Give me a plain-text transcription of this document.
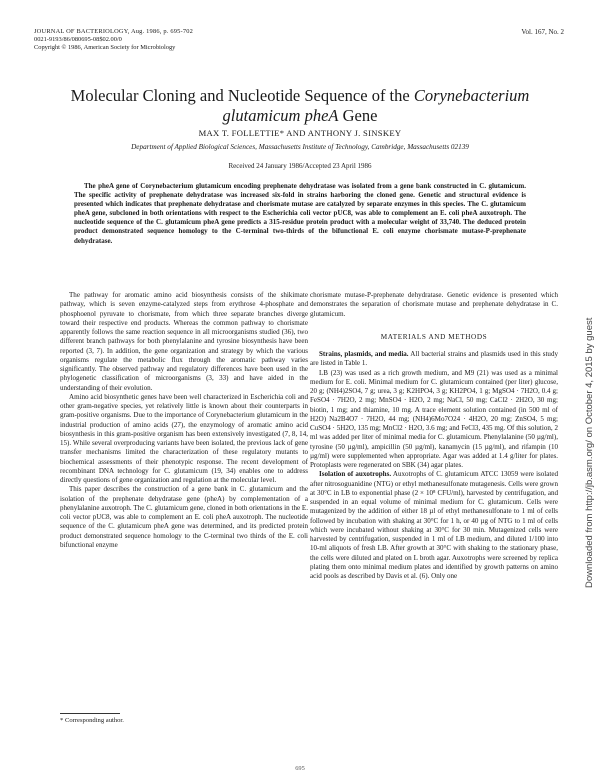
JOURNAL OF BACTERIOLOGY, Aug. 1986, p. 695-702
0021-9193/86/080695-08$02.00/0
Copyright © 1986, American Society for Microbiology
Vol. 167, No. 2
Molecular Cloning and Nucleotide Sequence of the Corynebacterium
glutamicum pheA Gene
MAX T. FOLLETTIE* AND ANTHONY J. SINSKEY
Department of Applied Biological Sciences, Massachusetts Institute of Technology, Cambridge, Massachusetts 02139
Received 24 January 1986/Accepted 23 April 1986

The pheA gene of Corynebacterium glutamicum encoding prephenate dehydratase was isolated from a gene bank constructed in C. glutamicum. The specific activity of prephenate dehydratase was increased six-fold in strains harboring the cloned gene. Genetic and structural evidence is presented which indicates that prephenate dehydratase and chorismate mutase are catalyzed by separate enzymes in this species. The C. glutamicum pheA gene, subcloned in both orientations with respect to the Escherichia coli vector pUC8, was able to complement an E. coli pheA auxotroph. The nucleotide sequence of the C. glutamicum pheA gene predicts a 315-residue protein product with a molecular weight of 33,740. The deduced protein product demonstrated sequence homology to the C-terminal two-thirds of the bifunctional E. coli enzyme chorismate mutase-P-prephenate dehydratase.

The pathway for aromatic amino acid biosynthesis consists of the shikimate pathway, which is seven enzyme-catalyzed steps from erythrose 4-phosphate and phosphoenol pyruvate to chorismate, from which three separate branches diverge toward their respective end products. Whereas the common pathway to chorismate apparently follows the same reaction sequence in all microorganisms studied (36), two different branch pathways for both phenylalanine and tyrosine biosynthesis have been reported (3, 7). In addition, the gene organization and strategy by which the various organisms regulate the metabolic flux through the aromatic pathway varies significantly. The observed pathway and regulatory differences have been used in the phylogenetic classification of microorganisms (3, 33) and have aided in the understanding of their evolution.

Amino acid biosynthetic genes have been well characterized in Escherichia coli and other gram-negative species, yet relatively little is known about their counterparts in gram-positive organisms. Due to the importance of Corynebacterium glutamicum in the industrial production of amino acids (27), the enzymology of aromatic amino acid biosynthesis in this gram-positive organism has been extensively investigated (7, 8, 14, 15). While several overproducing variants have been isolated, the previous lack of gene transfer mechanisms limited the characterization of these regulatory mutants to biochemical assessments of their phenotypic response. The recent development of recombinant DNA technology for C. glutamicum (19, 34) enables one to address directly questions of gene organization and regulation at the molecular level.

This paper describes the construction of a gene bank in C. glutamicum and the isolation of the prephenate dehydratase gene (pheA) by complementation of a phenylalanine auxotroph. The C. glutamicum gene, cloned in both orientations in the E. coli vector pUC8, was able to complement an E. coli pheA auxotroph. The nucleotide sequence of the C. glutamicum pheA gene was determined, and its predicted protein product demonstrated sequence homology to the C-terminal two thirds of the E. coli bifunctional enzyme

chorismate mutase-P-prephenate dehydratase. Genetic evidence is presented which demonstrates the separation of chorismate mutase and prephenate dehydratase in C. glutamicum.

MATERIALS AND METHODS

Strains, plasmids, and media. All bacterial strains and plasmids used in this study are listed in Table 1.

LB (23) was used as a rich growth medium, and M9 (21) was used as a minimal medium for E. coli. Minimal medium for C. glutamicum contained (per liter) glucose, 20 g; (NH4)2SO4, 7 g; urea, 3 g; K2HPO4, 3 g; KH2PO4, 1 g; MgSO4 · 7H2O, 0.4 g; FeSO4 · 7H2O, 2 mg; MnSO4 · H2O, 2 mg; NaCl, 50 mg; CaCl2 · 2H2O, 30 mg; biotin, 1 mg; and thiamine, 10 mg. A trace element solution contained (in 500 ml of H2O) Na2B4O7 · 7H2O, 44 mg; (NH4)6Mo7O24 · 4H2O, 20 mg; ZnSO4, 5 mg; CuSO4 · 5H2O, 135 mg; MnCl2 · H2O, 3.6 mg; and FeCl3, 435 mg. Of this solution, 2 ml was added per liter of minimal media for C. glutamicum. Phenylalanine (50 µg/ml), tyrosine (50 µg/ml), ampicillin (50 µg/ml), kanamycin (15 µg/ml), and rifampin (10 µg/ml) were supplemented when appropriate. Agar was added at 1.4 g/liter for plates. Protoplasts were regenerated on SBK (34) agar plates.

Isolation of auxotrophs. Auxotrophs of C. glutamicum ATCC 13059 were isolated after nitrosoguanidine (NTG) or ethyl methanesulfonate mutagenesis. Cells were grown at 30°C in LB to exponential phase (2 × 10⁸ CFU/ml), harvested by centrifugation, and suspended in an equal volume of minimal medium for C. glutamicum. Cells were mutagenized by the addition of either 18 µl of ethyl methanesulfonate to 1 ml of cells followed by incubation with shaking at 30°C for 1 h, or 40 µg of NTG to 1 ml of cells which were incubated without shaking at 30°C for 30 min. Mutagenized cells were harvested by centrifugation, suspended in 1 ml of LB medium, and diluted 1/100 into 10-ml aliquots of fresh LB. After growth at 30°C with shaking to the stationary phase, the cells were diluted and plated on L broth agar. Auxotrophs were screened by replica plating them onto minimal medium plates and identified by growth patterns on amino acid pools as described by Davis et al. (6). Only one

* Corresponding author.
695
Downloaded from http://jb.asm.org/ on October 4, 2015 by guest
